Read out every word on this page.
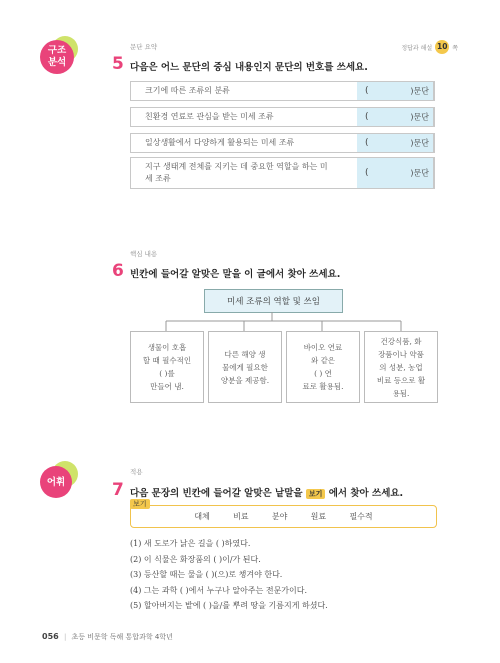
구조
분석
문단 요약	정답과 해설 10 쪽
5 다음은 어느 문단의 중심 내용인지 문단의 번호를 쓰세요.
크기에 따른 조류의 분류	(	)문단
친환경 연료로 관심을 받는 미세 조류	(	)문단
일상생활에서 다양하게 활용되는 미세 조류	(	)문단
지구 생태계 전체를 지키는 데 중요한 역할을 하는 미
세 조류
(	)문단
핵심 내용
6 빈칸에 들어갈 알맞은 말을 이 글에서 찾아 쓰세요.
미세 조류의 역할 및 쓰임
생물이 호흡
할 때 필수적인
( )를
만들어 냄.
다른 해양 생
물에게 필요한
양분을 제공함.
바이오 연료
와 같은
( ) 연
료로 활용됨.
건강식품, 화
장품이나 약품
의 성분, 농업
비료 등으로 활
용됨.
어휘
적용
7 다음 문장의 빈칸에 들어갈 알맞은 낱말을 보기 에서 찾아 쓰세요.
보기
대체	비료	분야	원료	필수적
(1) 새 도로가 낡은 길을 ( )하였다.
(2) 이 식물은 화장품의 ( )이/가 된다.
(3) 등산할 때는 물을 ( )(으)로 챙겨야 한다.
(4) 그는 과학 ( )에서 누구나 알아주는 전문가이다.
(5) 할아버지는 밭에 ( )을/를 뿌려 땅을 기름지게 하셨다.
056 | 초등 비문학 독해 통합과학 4학년
